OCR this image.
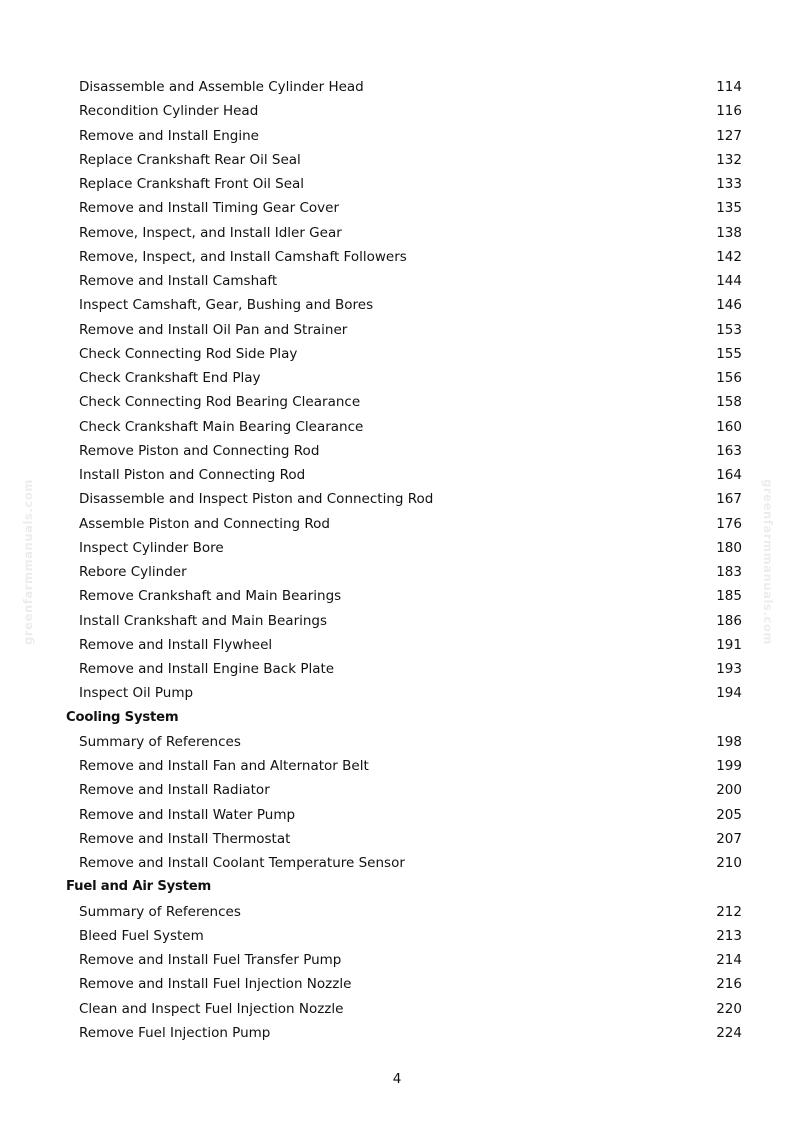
Disassemble and Assemble Cylinder Head	114
Recondition Cylinder Head	116
Remove and Install Engine	127
Replace Crankshaft Rear Oil Seal	132
Replace Crankshaft Front Oil Seal	133
Remove and Install Timing Gear Cover	135
Remove, Inspect, and Install Idler Gear	138
Remove, Inspect, and Install Camshaft Followers	142
Remove and Install Camshaft	144
Inspect Camshaft, Gear, Bushing and Bores	146
Remove and Install Oil Pan and Strainer	153
Check Connecting Rod Side Play	155
Check Crankshaft End Play	156
Check Connecting Rod Bearing Clearance	158
Check Crankshaft Main Bearing Clearance	160
Remove Piston and Connecting Rod	163
Install Piston and Connecting Rod	164
Disassemble and Inspect Piston and Connecting Rod	167
Assemble Piston and Connecting Rod	176
Inspect Cylinder Bore	180
Rebore Cylinder	183
Remove Crankshaft and Main Bearings	185
Install Crankshaft and Main Bearings	186
Remove and Install Flywheel	191
Remove and Install Engine Back Plate	193
Inspect Oil Pump	194
Cooling System
Summary of References	198
Remove and Install Fan and Alternator Belt	199
Remove and Install Radiator	200
Remove and Install Water Pump	205
Remove and Install Thermostat	207
Remove and Install Coolant Temperature Sensor	210
Fuel and Air System
Summary of References	212
Bleed Fuel System	213
Remove and Install Fuel Transfer Pump	214
Remove and Install Fuel Injection Nozzle	216
Clean and Inspect Fuel Injection Nozzle	220
Remove Fuel Injection Pump	224
greenfarmmanuals.com	greenfarmmanuals.com
4
